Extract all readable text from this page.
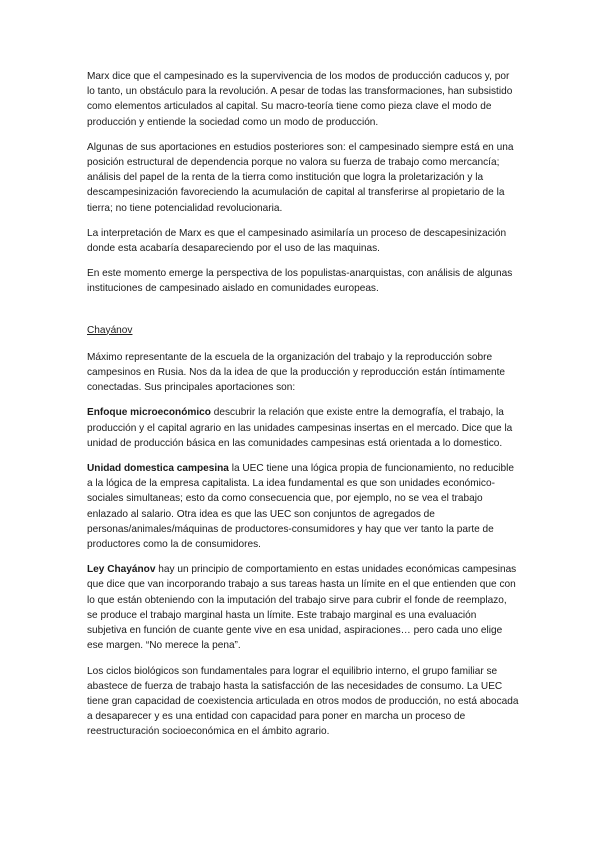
Marx dice que el campesinado es la supervivencia de los modos de producción caducos y, por lo tanto, un obstáculo para la revolución. A pesar de todas las transformaciones, han subsistido como elementos articulados al capital. Su macro-teoría tiene como pieza clave el modo de producción y entiende la sociedad como un modo de producción.

Algunas de sus aportaciones en estudios posteriores son: el campesinado siempre está en una posición estructural de dependencia porque no valora su fuerza de trabajo como mercancía; análisis del papel de la renta de la tierra como institución que logra la proletarización y la descampesinización favoreciendo la acumulación de capital al transferirse al propietario de la tierra; no tiene potencialidad revolucionaria.

La interpretación de Marx es que el campesinado asimilaría un proceso de descapesinización donde esta acabaría desapareciendo por el uso de las maquinas.

En este momento emerge la perspectiva de los populistas-anarquistas, con análisis de algunas instituciones de campesinado aislado en comunidades europeas.

Chayánov

Máximo representante de la escuela de la organización del trabajo y la reproducción sobre campesinos en Rusia. Nos da la idea de que la producción y reproducción están íntimamente conectadas. Sus principales aportaciones son:

Enfoque microeconómico descubrir la relación que existe entre la demografía, el trabajo, la producción y el capital agrario en las unidades campesinas insertas en el mercado. Dice que la unidad de producción básica en las comunidades campesinas está orientada a lo domestico.

Unidad domestica campesina la UEC tiene una lógica propia de funcionamiento, no reducible a la lógica de la empresa capitalista. La idea fundamental es que son unidades económico-sociales simultaneas; esto da como consecuencia que, por ejemplo, no se vea el trabajo enlazado al salario. Otra idea es que las UEC son conjuntos de agregados de personas/animales/máquinas de productores-consumidores y hay que ver tanto la parte de productores como la de consumidores.

Ley Chayánov hay un principio de comportamiento en estas unidades económicas campesinas que dice que van incorporando trabajo a sus tareas hasta un límite en el que entienden que con lo que están obteniendo con la imputación del trabajo sirve para cubrir el fonde de reemplazo, se produce el trabajo marginal hasta un límite. Este trabajo marginal es una evaluación subjetiva en función de cuante gente vive en esa unidad, aspiraciones… pero cada uno elige ese margen. “No merece la pena”.

Los ciclos biológicos son fundamentales para lograr el equilibrio interno, el grupo familiar se abastece de fuerza de trabajo hasta la satisfacción de las necesidades de consumo. La UEC tiene gran capacidad de coexistencia articulada en otros modos de producción, no está abocada a desaparecer y es una entidad con capacidad para poner en marcha un proceso de reestructuración socioeconómica en el ámbito agrario.
